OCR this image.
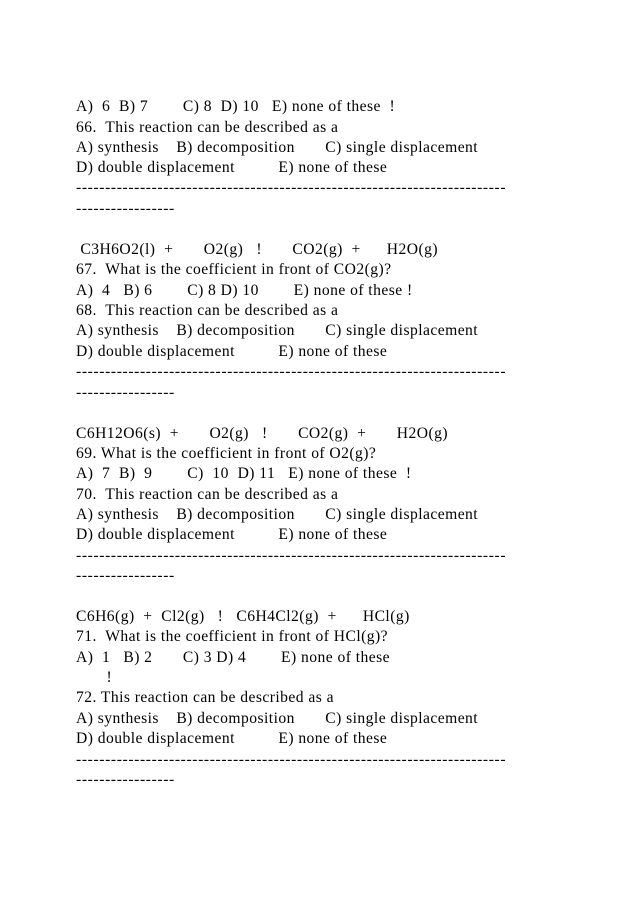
A)  6  B) 7        C) 8  D) 10   E) none of these  !
66.  This reaction can be described as a
A) synthesis    B) decomposition       C) single displacement
D) double displacement          E) none of these
--------------------------------------------------------------------------
-----------------
C3H6O2(l)  +       O2(g)   !       CO2(g)  +      H2O(g)
67.  What is the coefficient in front of CO2(g)?
A)  4   B) 6        C) 8 D) 10        E) none of these !
68.  This reaction can be described as a
A) synthesis    B) decomposition       C) single displacement
D) double displacement          E) none of these
--------------------------------------------------------------------------
-----------------
C6H12O6(s)  +       O2(g)   !       CO2(g)  +       H2O(g)
69. What is the coefficient in front of O2(g)?
A)  7  B)  9        C)  10  D) 11   E) none of these  !
70.  This reaction can be described as a
A) synthesis    B) decomposition       C) single displacement
D) double displacement          E) none of these
--------------------------------------------------------------------------
-----------------
C6H6(g)  +  Cl2(g)   !   C6H4Cl2(g)  +      HCl(g)
71.  What is the coefficient in front of HCl(g)?
A)  1   B) 2       C) 3 D) 4        E) none of these
!
72. This reaction can be described as a
A) synthesis    B) decomposition       C) single displacement
D) double displacement          E) none of these
--------------------------------------------------------------------------
-----------------
